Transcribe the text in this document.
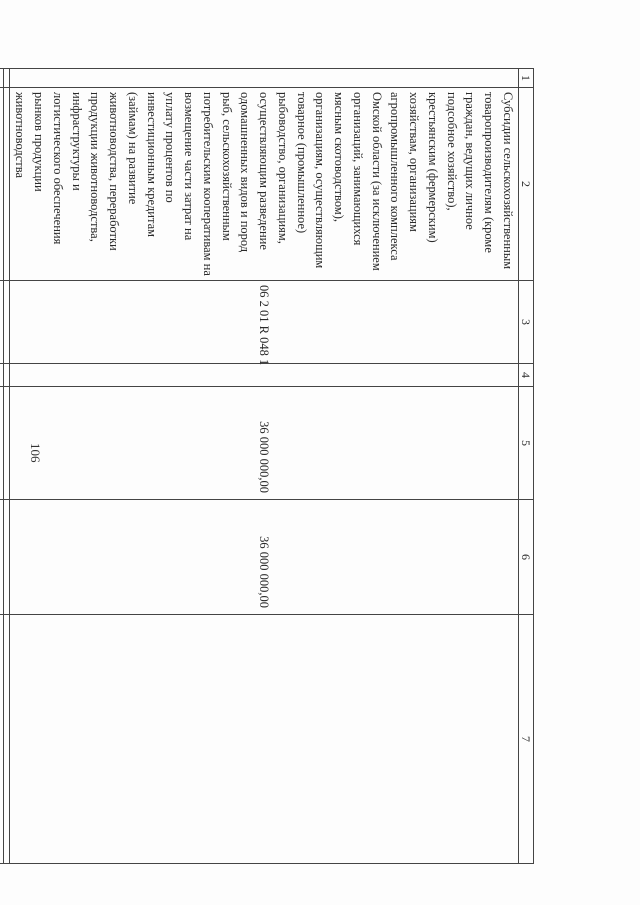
106
1	2	3	4	5	6	7
	Субсидии сельскохозяйственным товаропроизводителям (кроме граждан, ведущих личное подсобное хозяйство), крестьянским (фермерским) хозяйствам, организациям агропромышленного комплекса Омской области (за исключением организаций, занимающихся мясным скотоводством), организациям, осуществляющим товарное (промышленное) рыбоводство, организациям, осуществляющим разведение одомашненных видов и пород рыб, сельскохозяйственным потребительским кооперативам на возмещение части затрат на уплату процентов по инвестиционным кредитам (займам) на развитие животноводства, переработки продукции животноводства, инфраструктуры и логистического обеспечения рынков продукции животноводства	06 2 01 R 048 1		36 000 000,00	36 000 000,00	
